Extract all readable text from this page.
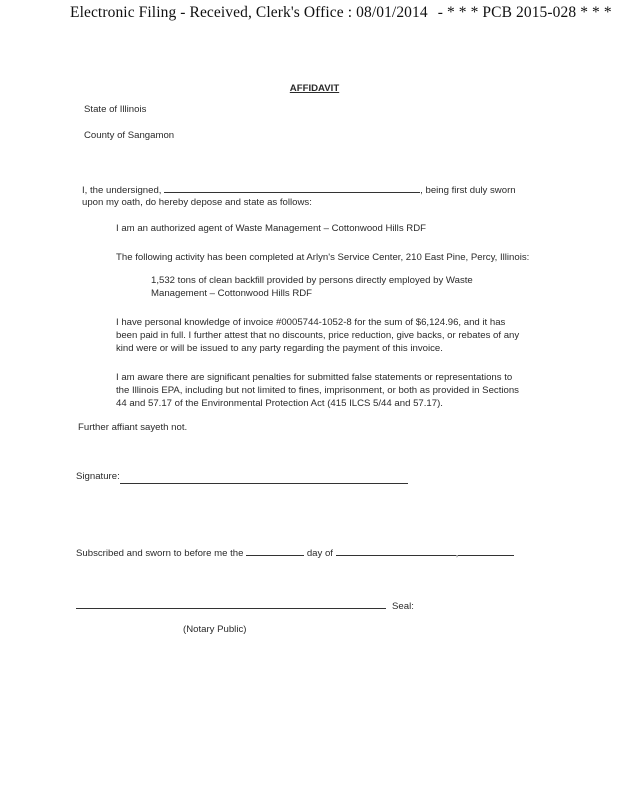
Electronic Filing - Received, Clerk's Office : 08/01/2014 - * * * PCB 2015-028 * * *
AFFIDAVIT
State of Illinois
County of Sangamon
I, the undersigned,	, being first duly sworn
upon my oath, do hereby depose and state as follows:
I am an authorized agent of Waste Management – Cottonwood Hills RDF
The following activity has been completed at Arlyn's Service Center, 210 East Pine, Percy, Illinois:
1,532 tons of clean backfill provided by persons directly employed by Waste
Management – Cottonwood Hills RDF
I have personal knowledge of invoice #0005744-1052-8 for the sum of $6,124.96, and it has
been paid in full. I further attest that no discounts, price reduction, give backs, or rebates of any
kind were or will be issued to any party regarding the payment of this invoice.
I am aware there are significant penalties for submitted false statements or representations to
the Illinois EPA, including but not limited to fines, imprisonment, or both as provided in Sections
44 and 57.17 of the Environmental Protection Act (415 ILCS 5/44 and 57.17).
Further affiant sayeth not.
Signature:
Subscribed and sworn to before me the	day of	,
Seal:
(Notary Public)
